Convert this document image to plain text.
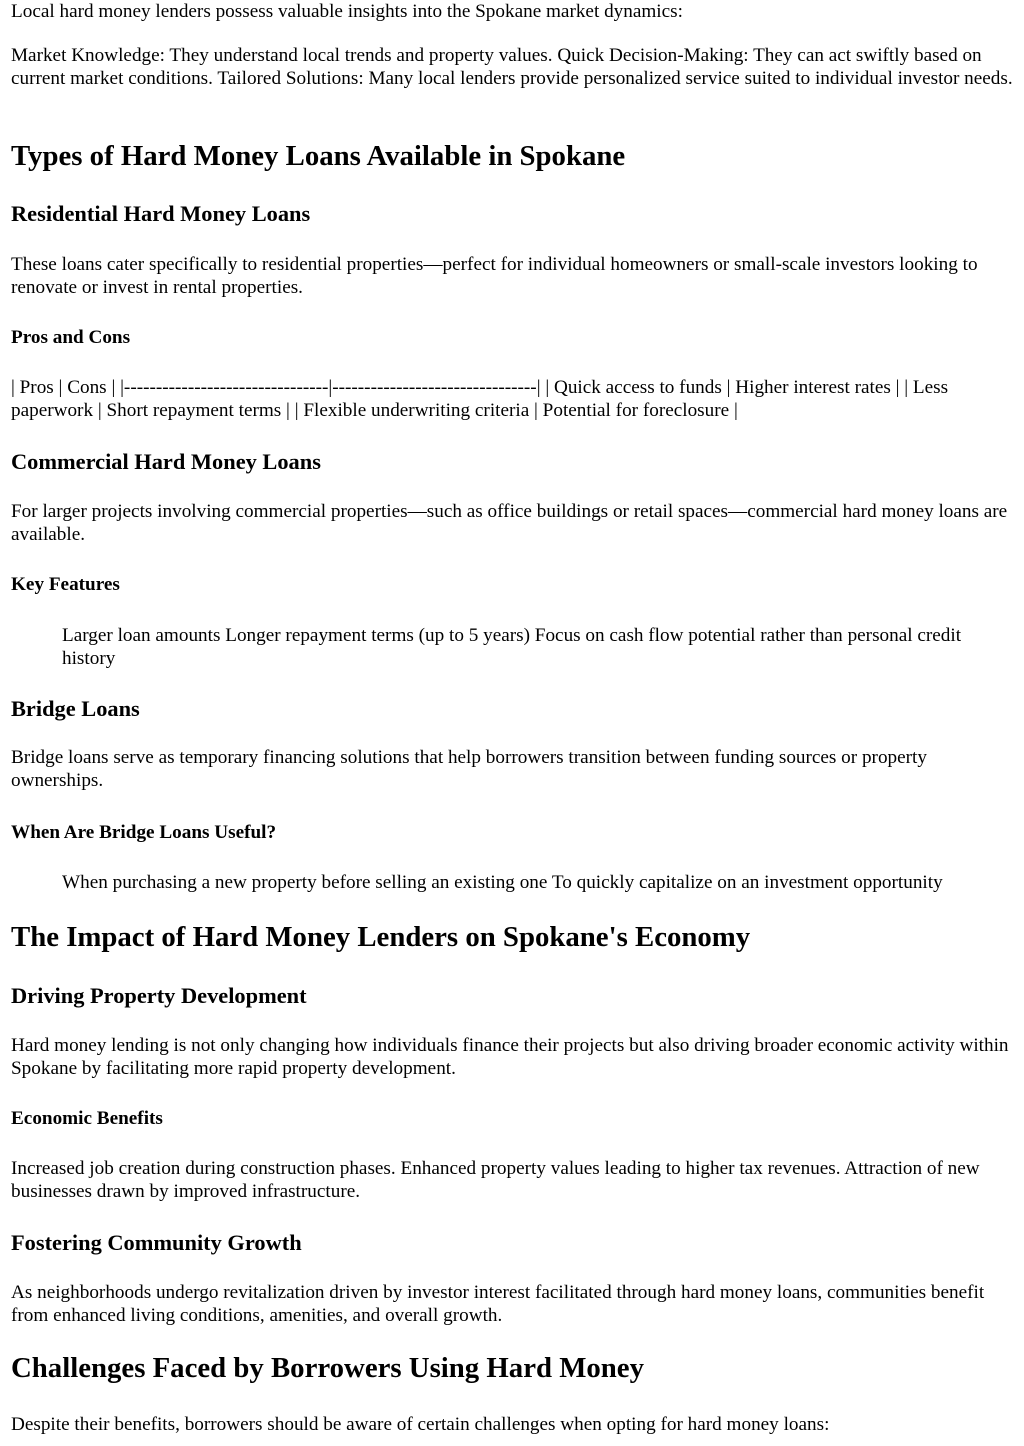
Local hard money lenders possess valuable insights into the Spokane market dynamics:

Market Knowledge: They understand local trends and property values. Quick Decision-Making: They can act swiftly based on current market conditions. Tailored Solutions: Many local lenders provide personalized service suited to individual investor needs.

Types of Hard Money Loans Available in Spokane
Residential Hard Money Loans

These loans cater specifically to residential properties—perfect for individual homeowners or small-scale investors looking to renovate or invest in rental properties.

Pros and Cons

| Pros | Cons | |--------------------------------|--------------------------------| | Quick access to funds | Higher interest rates | | Less paperwork | Short repayment terms | | Flexible underwriting criteria | Potential for foreclosure |

Commercial Hard Money Loans

For larger projects involving commercial properties—such as office buildings or retail spaces—commercial hard money loans are available.

Key Features

Larger loan amounts Longer repayment terms (up to 5 years) Focus on cash flow potential rather than personal credit history

Bridge Loans

Bridge loans serve as temporary financing solutions that help borrowers transition between funding sources or property ownerships.

When Are Bridge Loans Useful?

When purchasing a new property before selling an existing one To quickly capitalize on an investment opportunity

The Impact of Hard Money Lenders on Spokane's Economy
Driving Property Development

Hard money lending is not only changing how individuals finance their projects but also driving broader economic activity within Spokane by facilitating more rapid property development.

Economic Benefits

Increased job creation during construction phases. Enhanced property values leading to higher tax revenues. Attraction of new businesses drawn by improved infrastructure.

Fostering Community Growth

As neighborhoods undergo revitalization driven by investor interest facilitated through hard money loans, communities benefit from enhanced living conditions, amenities, and overall growth.

Challenges Faced by Borrowers Using Hard Money

Despite their benefits, borrowers should be aware of certain challenges when opting for hard money loans:
